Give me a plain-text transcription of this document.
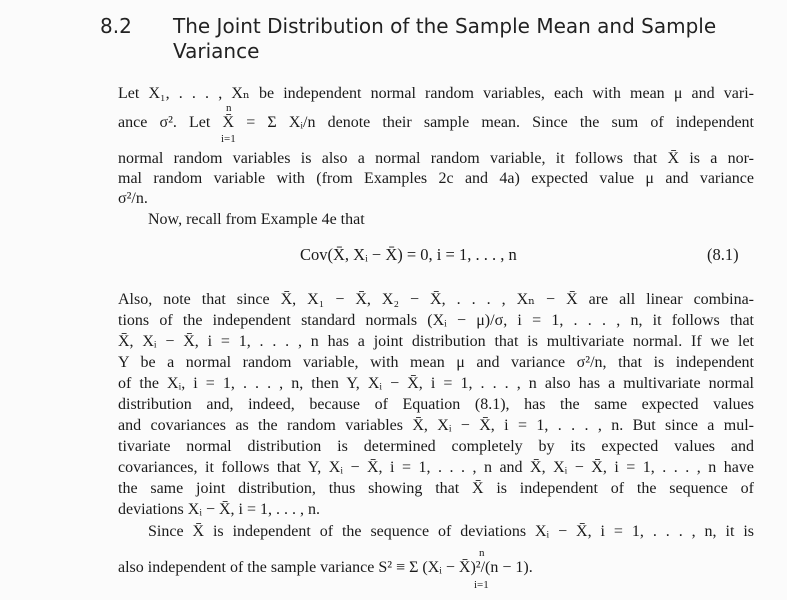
8.2 The Joint Distribution of the Sample Mean and Sample Variance
Let X₁, . . . , Xₙ be independent normal random variables, each with mean μ and vari-
n
ance σ². Let X̄ = Σ Xᵢ/n denote their sample mean. Since the sum of independent
i=1
normal random variables is also a normal random variable, it follows that X̄ is a nor-
mal random variable with (from Examples 2c and 4a) expected value μ and variance
σ²/n.
Now, recall from Example 4e that
Cov(X̄, Xᵢ − X̄) = 0, i = 1, . . . , n	(8.1)
Also, note that since X̄, X₁ − X̄, X₂ − X̄, . . . , Xₙ − X̄ are all linear combina-
tions of the independent standard normals (Xᵢ − μ)/σ, i = 1, . . . , n, it follows that
X̄, Xᵢ − X̄, i = 1, . . . , n has a joint distribution that is multivariate normal. If we let
Y be a normal random variable, with mean μ and variance σ²/n, that is independent
of the Xᵢ, i = 1, . . . , n, then Y, Xᵢ − X̄, i = 1, . . . , n also has a multivariate normal
distribution and, indeed, because of Equation (8.1), has the same expected values
and covariances as the random variables X̄, Xᵢ − X̄, i = 1, . . . , n. But since a mul-
tivariate normal distribution is determined completely by its expected values and
covariances, it follows that Y, Xᵢ − X̄, i = 1, . . . , n and X̄, Xᵢ − X̄, i = 1, . . . , n have
the same joint distribution, thus showing that X̄ is independent of the sequence of
deviations Xᵢ − X̄, i = 1, . . . , n.
Since X̄ is independent of the sequence of deviations Xᵢ − X̄, i = 1, . . . , n, it is
n
also independent of the sample variance S² ≡ Σ (Xᵢ − X̄)²/(n − 1).
i=1
